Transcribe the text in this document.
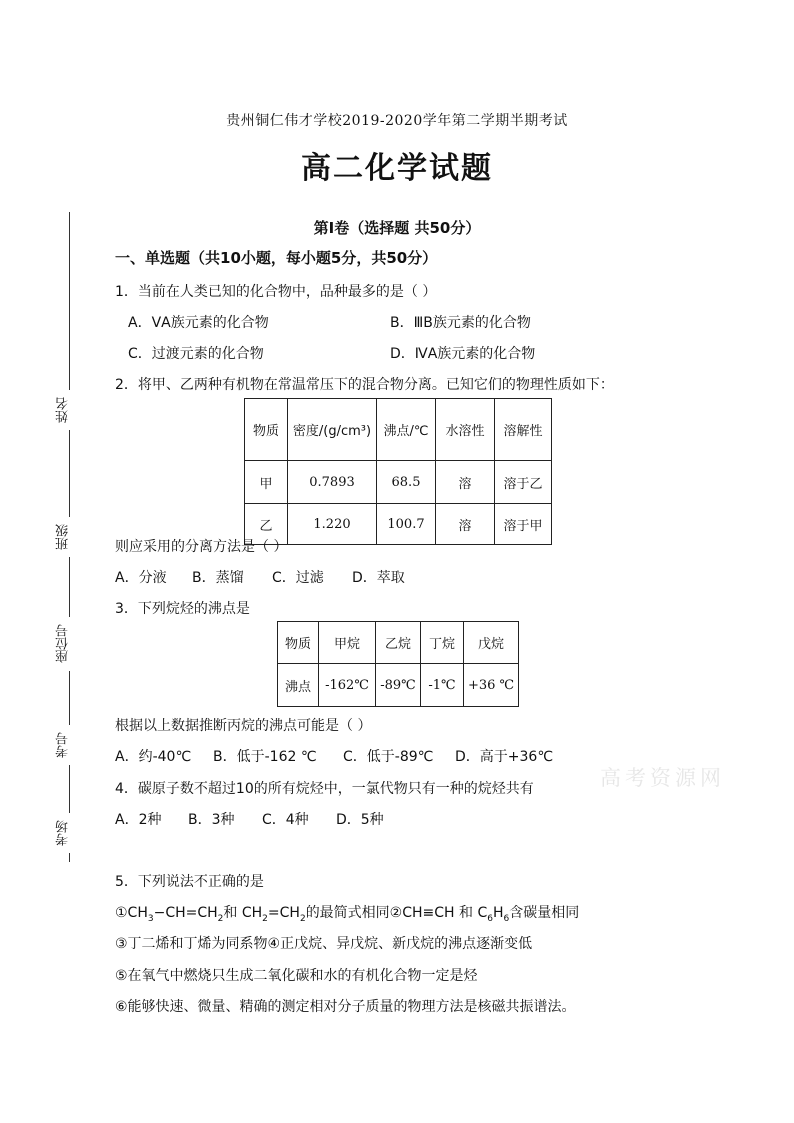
贵州铜仁伟才学校2019-2020学年第二学期半期考试
高二化学试题
姓名
班级
座位号
考号
考场
第Ⅰ卷（选择题 共50分）
一、单选题（共10小题，每小题5分，共50分）
1．当前在人类已知的化合物中，品种最多的是（ ）
A．ⅤA族元素的化合物	B．ⅢB族元素的化合物
C．过渡元素的化合物	D．ⅣA族元素的化合物
2．将甲、乙两种有机物在常温常压下的混合物分离。已知它们的物理性质如下：
物质	密度/(g/cm³)	沸点/℃	水溶性	溶解性
甲	0.7893	68.5	溶	溶于乙
乙	1.220	100.7	溶	溶于甲
则应采用的分离方法是（ ）
A．分液 B．蒸馏 C．过滤 D．萃取
3．下列烷烃的沸点是
物质	甲烷	乙烷	丁烷	戊烷
沸点	-162℃	-89℃	-1℃	+36 ℃
根据以上数据推断丙烷的沸点可能是（ ）
A．约-40℃ B．低于-162 ℃ C．低于-89℃ D．高于+36℃
4．碳原子数不超过10的所有烷烃中，一氯代物只有一种的烷烃共有
A．2种 B．3种 C．4种 D．5种
高考资源网
5．下列说法不正确的是
$①CH_3-CH=CH_2$和 $CH_2=CH_2$的最简式相同②CH≡CH 和 $C_6H_6$含碳量相同
③丁二烯和丁烯为同系物④正戊烷、异戊烷、新戊烷的沸点逐渐变低
⑤在氧气中燃烧只生成二氧化碳和水的有机化合物一定是烃
⑥能够快速、微量、精确的测定相对分子质量的物理方法是核磁共振谱法。
